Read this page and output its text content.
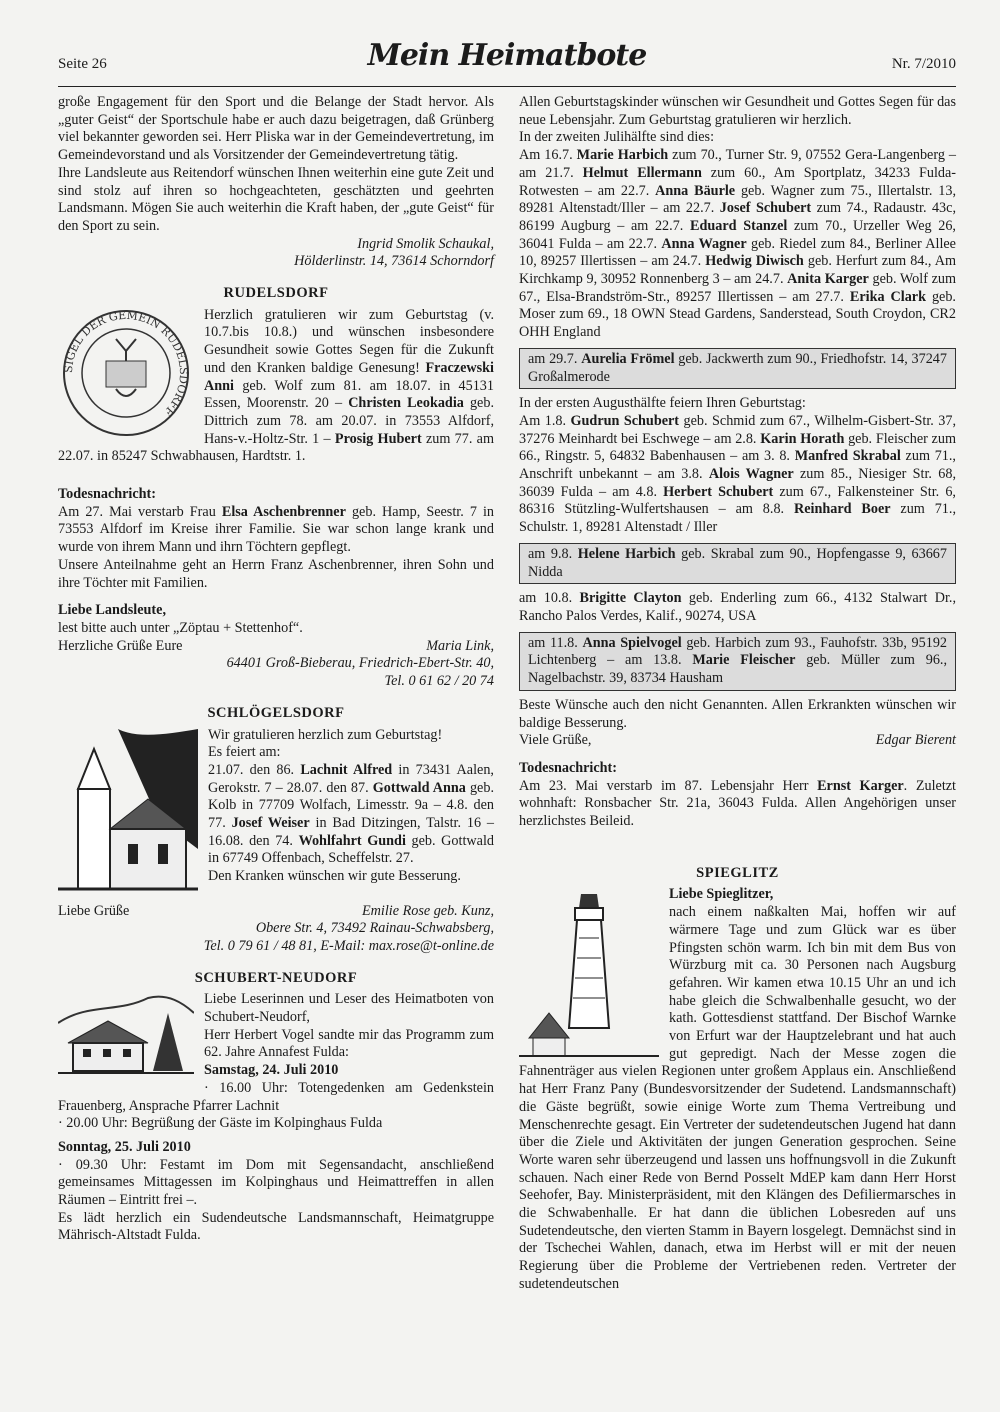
Seite 26	Mein Heimatbote	Nr. 7/2010

große Engagement für den Sport und die Belange der Stadt hervor. Als „guter Geist“ der Sportschule habe er auch dazu beigetragen, daß Grünberg viel bekannter geworden sei. Herr Pliska war in der Gemeindevertretung, im Gemeindevorstand und als Vorsitzender der Gemeindevertretung tätig.

Ihre Landsleute aus Reitendorf wünschen Ihnen weiterhin eine gute Zeit und sind stolz auf ihren so hochgeachteten, geschätzten und geehrten Landsmann. Mögen Sie auch weiterhin die Kraft haben, der „gute Geist“ für den Sport zu sein.

Ingrid Smolik Schaukal,
Hölderlinstr. 14, 73614 Schorndorf

RUDELSDORF
SIGEL DER GEMEIN RUDELSDORFF

Herzlich gratulieren wir zum Geburtstag (v. 10.7.bis 10.8.) und wünschen insbesondere Gesundheit sowie Gottes Segen für die Zukunft und den Kranken baldige Genesung! Fraczewski Anni geb. Wolf zum 81. am 18.07. in 45131 Essen, Moorenstr. 20 – Christen Leokadia geb. Dittrich zum 78. am 20.07. in 73553 Alfdorf, Hans-v.-Holtz-Str. 1 – Prosig Hubert zum 77. am 22.07. in 85247 Schwabhausen, Hardtstr. 1.

Todesnachricht:

Am 27. Mai verstarb Frau Elsa Aschenbrenner geb. Hamp, Seestr. 7 in 73553 Alfdorf im Kreise ihrer Familie. Sie war schon lange krank und wurde von ihrem Mann und ihrn Töchtern gepflegt.

Unsere Anteilnahme geht an Herrn Franz Aschenbrenner, ihren Sohn und ihre Töchter mit Familien.

Liebe Landsleute,

lest bitte auch unter „Zöptau + Stettenhof“.

Herzliche Grüße Eure	Maria Link,

64401 Groß-Bieberau, Friedrich-Ebert-Str. 40,
Tel. 0 61 62 / 20 74

SCHLÖGELSDORF

Wir gratulieren herzlich zum Geburtstag!

Es feiert am:

21.07. den 86. Lachnit Alfred in 73431 Aalen, Gerokstr. 7 – 28.07. den 87. Gottwald Anna geb. Kolb in 77709 Wolfach, Limesstr. 9a – 4.8. den 77. Josef Weiser in Bad Ditzingen, Talstr. 16 – 16.08. den 74. Wohlfahrt Gundi geb. Gottwald in 67749 Offenbach, Scheffelstr. 27.

Den Kranken wünschen wir gute Besserung.

Liebe Grüße	Emilie Rose geb. Kunz,

Obere Str. 4, 73492 Rainau-Schwabsberg,
Tel. 0 79 61 / 48 81, E-Mail: max.rose@t-online.de

SCHUBERT-NEUDORF

Liebe Leserinnen und Leser des Heimatboten von Schubert-Neudorf,

Herr Herbert Vogel sandte mir das Programm zum 62. Jahre Annafest Fulda:

Samstag, 24. Juli 2010

· 16.00 Uhr: Totengedenken am Gedenkstein Frauenberg, Ansprache Pfarrer Lachnit

· 20.00 Uhr: Begrüßung der Gäste im Kolpinghaus Fulda

Sonntag, 25. Juli 2010

· 09.30 Uhr: Festamt im Dom mit Segensandacht, anschließend gemeinsames Mittagessen im Kolpinghaus und Heimattreffen in allen Räumen – Eintritt frei –.

Es lädt herzlich ein Sudendeutsche Landsmannschaft, Heimatgruppe Mährisch-Altstadt Fulda.

Allen Geburtstagskinder wünschen wir Gesundheit und Gottes Segen für das neue Lebensjahr. Zum Geburtstag gratulieren wir herzlich.

In der zweiten Julihälfte sind dies:

Am 16.7. Marie Harbich zum 70., Turner Str. 9, 07552 Gera-Langenberg – am 21.7. Helmut Ellermann zum 60., Am Sportplatz, 34233 Fulda-Rotwesten – am 22.7. Anna Bäurle geb. Wagner zum 75., Illertalstr. 13, 89281 Altenstadt/Iller – am 22.7. Josef Schubert zum 74., Radaustr. 43c, 86199 Augburg – am 22.7. Eduard Stanzel zum 70., Urzeller Weg 26, 36041 Fulda – am 22.7. Anna Wagner geb. Riedel zum 84., Berliner Allee 10, 89257 Illertissen – am 24.7. Hedwig Diwisch geb. Herfurt zum 84., Am Kirchkamp 9, 30952 Ronnenberg 3 – am 24.7. Anita Karger geb. Wolf zum 67., Elsa-Brandström-Str., 89257 Illertissen – am 27.7. Erika Clark geb. Moser zum 69., 18 OWN Stead Gardens, Sanderstead, South Croydon, CR2 OHH England

am 29.7. Aurelia Frömel geb. Jackwerth zum 90., Friedhofstr. 14, 37247 Großalmerode

In der ersten Augusthälfte feiern Ihren Geburtstag:

Am 1.8. Gudrun Schubert geb. Schmid zum 67., Wilhelm-Gisbert-Str. 37, 37276 Meinhardt bei Eschwege – am 2.8. Karin Horath geb. Fleischer zum 66., Ringstr. 5, 64832 Babenhausen – am 3. 8. Manfred Skrabal zum 71., Anschrift unbekannt – am 3.8. Alois Wagner zum 85., Niesiger Str. 68, 36039 Fulda – am 4.8. Herbert Schubert zum 67., Falkensteiner Str. 6, 86316 Stützling-Wulfertshausen – am 8.8. Reinhard Boer zum 71., Schulstr. 1, 89281 Altenstadt / Iller

am 9.8. Helene Harbich geb. Skrabal zum 90., Hopfengasse 9, 63667 Nidda

am 10.8. Brigitte Clayton geb. Enderling zum 66., 4132 Stalwart Dr., Rancho Palos Verdes, Kalif., 90274, USA

am 11.8. Anna Spielvogel geb. Harbich zum 93., Fauhofstr. 33b, 95192 Lichtenberg – am 13.8. Marie Fleischer geb. Müller zum 96., Nagelbachstr. 39, 83734 Hausham

Beste Wünsche auch den nicht Genannten. Allen Erkrankten wünschen wir baldige Besserung.

Viele Grüße,	Edgar Bierent

Todesnachricht:

Am 23. Mai verstarb im 87. Lebensjahr Herr Ernst Karger. Zuletzt wohnhaft: Ronsbacher Str. 21a, 36043 Fulda. Allen Angehörigen unser herzlichstes Beileid.

SPIEGLITZ

Liebe Spieglitzer,

nach einem naßkalten Mai, hoffen wir auf wärmere Tage und zum Glück war es über Pfingsten schön warm. Ich bin mit dem Bus von Würzburg mit ca. 30 Personen nach Augsburg gefahren. Wir kamen etwa 10.15 Uhr an und ich habe gleich die Schwalbenhalle gesucht, wo der kath. Gottesdienst stattfand. Der Bischof Warnke von Erfurt war der Hauptzelebrant und hat auch gut gepredigt. Nach der Messe zogen die Fahnenträger aus vielen Regionen unter großem Applaus ein. Anschließend hat Herr Franz Pany (Bundesvorsitzender der Sudetend. Landsmannschaft) die Gäste begrüßt, sowie einige Worte zum Thema Vertreibung und Menschenrechte gesagt. Ein Vertreter der sudetendeutschen Jugend hat dann über die Ziele und Aktivitäten der jungen Generation gesprochen. Seine Worte waren sehr überzeugend und lassen uns hoffnungsvoll in die Zukunft schauen. Nach einer Rede von Bernd Posselt MdEP kam dann Herr Horst Seehofer, Bay. Ministerpräsident, mit den Klängen des Defiliermarsches in die Schwabenhalle. Er hat dann die üblichen Lobesreden auf uns Sudetendeutsche, den vierten Stamm in Bayern losgelegt. Demnächst sind in der Tschechei Wahlen, danach, etwa im Herbst will er mit der neuen Regierung über die Probleme der Vertriebenen reden. Vertreter der sudetendeutschen
